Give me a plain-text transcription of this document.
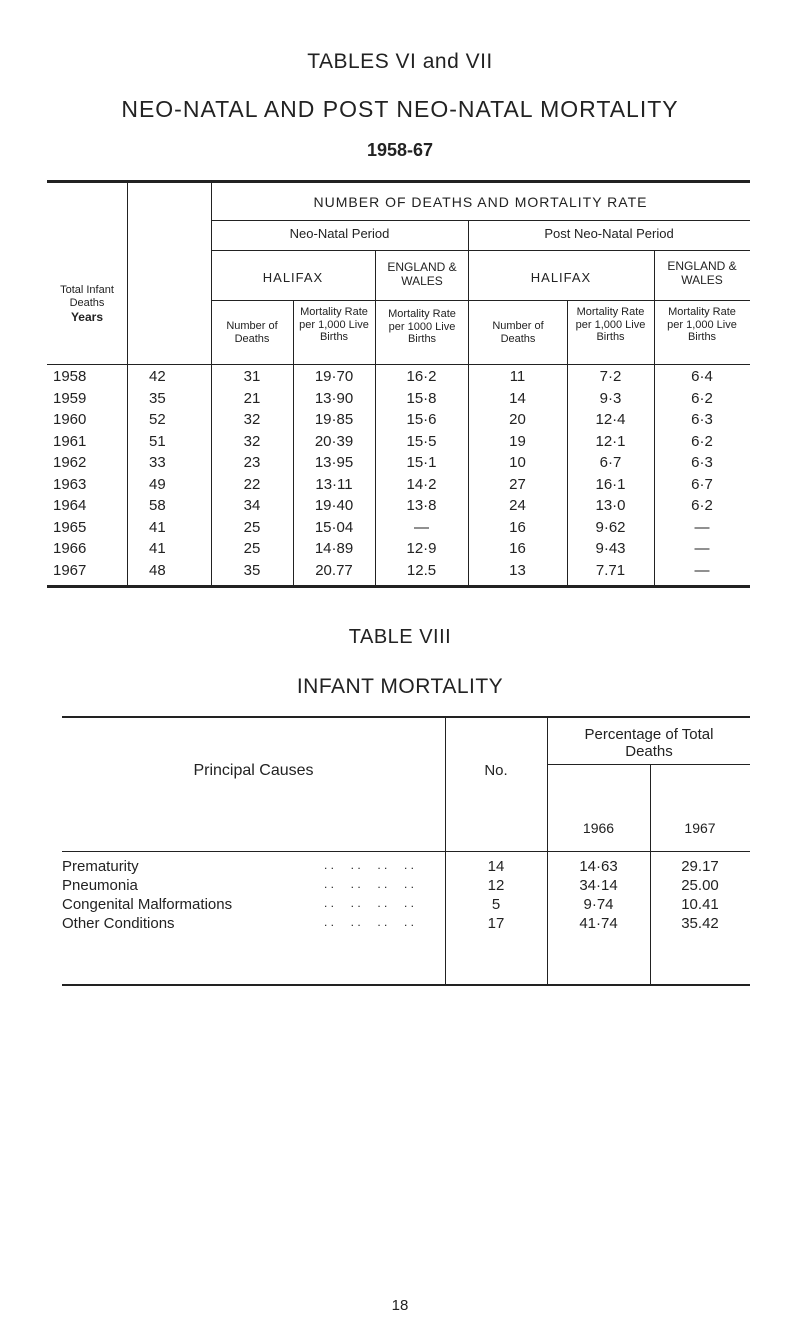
TABLES VI and VII
NEO-NATAL AND POST NEO-NATAL MORTALITY
1958-67
NUMBER OF DEATHS AND MORTALITY RATE
Neo-Natal Period	Post Neo-Natal Period
HALIFAX
ENGLAND & WALES	HALIFAX
ENGLAND & WALES
Years
Total Infant Deaths
Number of Deaths
Mortality Rate per 1,000 Live Births
Mortality Rate per 1000 Live Births
Number of Deaths
Mortality Rate per 1,000 Live Births
Mortality Rate per 1,000 Live Births
1958	42	31	19·70	16·2	11	7·2	6·4
1959	35	21	13·90	15·8	14	9·3	6·2
1960	52	32	19·85	15·6	20	12·4	6·3
1961	51	32	20·39	15·5	19	12·1	6·2
1962	33	23	13·95	15·1	10	6·7	6·3
1963	49	22	13·11	14·2	27	16·1	6·7
1964	58	34	19·40	13·8	24	13·0	6·2
1965	41	25	15·04	—	16	9·62	—
1966	41	25	14·89	12·9	16	9·43	—
1967	48	35	20.77	12.5	13	7.71	—
TABLE VIII
INFANT MORTALITY
Principal Causes	No.
Percentage of Total Deaths
1966	1967
Prematurity	14	14·63	29.17
. .     . .     . .     . .
Pneumonia	12	34·14	25.00
. .     . .     . .     . .
Congenital Malformations	5	9·74	10.41
. .     . .     . .     . .
Other Conditions	17	41·74	35.42
. .     . .     . .     . .
18
